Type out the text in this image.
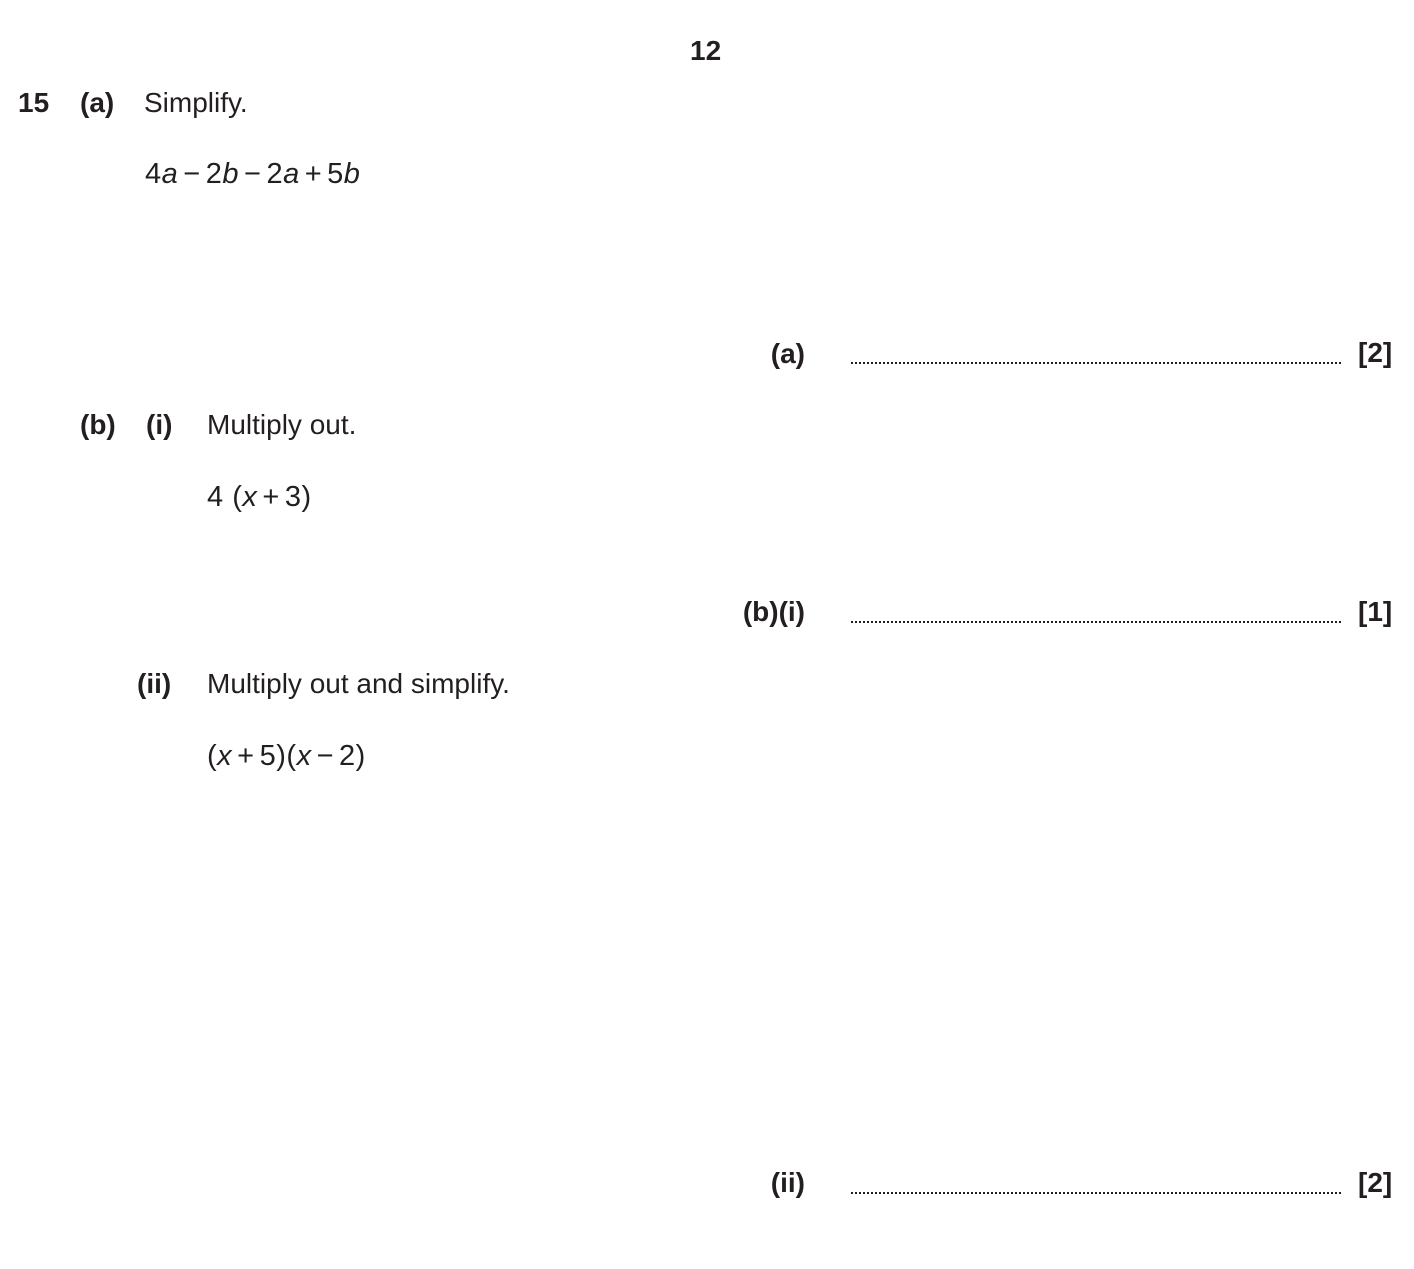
12
15 (a) Simplify.
4a − 2b − 2a + 5b
(a)	[2]
(b) (i) Multiply out.
4 (x + 3)
(b)(i)	[1]
(ii) Multiply out and simplify.
(x + 5)(x − 2)
(ii)	[2]
